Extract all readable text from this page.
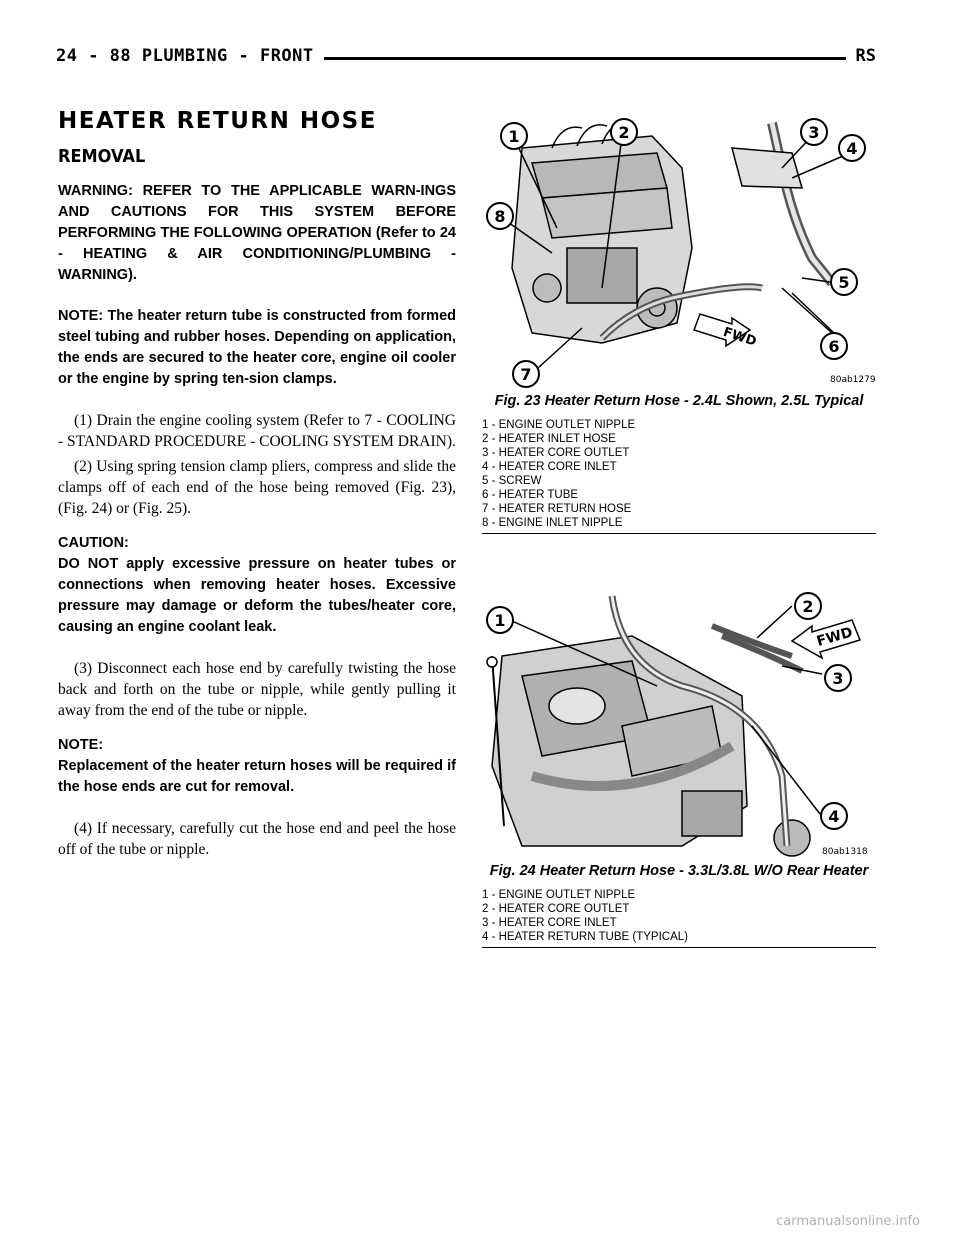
24 - 88 PLUMBING - FRONT	RS
HEATER RETURN HOSE
REMOVAL

WARNING: REFER TO THE APPLICABLE WARN-INGS AND CAUTIONS FOR THIS SYSTEM BEFORE PERFORMING THE FOLLOWING OPERATION (Refer to 24 - HEATING & AIR CONDITIONING/PLUMBING - WARNING).

NOTE: The heater return tube is constructed from formed steel tubing and rubber hoses. Depending on application, the ends are secured to the heater core, engine oil cooler or the engine by spring ten-sion clamps.

(1) Drain the engine cooling system (Refer to 7 - COOLING - STANDARD PROCEDURE - COOLING SYSTEM DRAIN).

(2) Using spring tension clamp pliers, compress and slide the clamps off of each end of the hose being removed (Fig. 23), (Fig. 24) or (Fig. 25).

CAUTION:

DO NOT apply excessive pressure on heater tubes or connections when removing heater hoses. Excessive pressure may damage or deform the tubes/heater core, causing an engine coolant leak.

(3) Disconnect each hose end by carefully twisting the hose back and forth on the tube or nipple, while gently pulling it away from the end of the tube or nipple.

NOTE:

Replacement of the heater return hoses will be required if the hose ends are cut for removal.

(4) If necessary, carefully cut the hose end and peel the hose off of the tube or nipple.

FWD
1	2	3
4
5
6
7
8
80ab1279
Fig. 23 Heater Return Hose - 2.4L Shown, 2.5L Typical
1 - ENGINE OUTLET NIPPLE
2 - HEATER INLET HOSE
3 - HEATER CORE OUTLET
4 - HEATER CORE INLET
5 - SCREW
6 - HEATER TUBE
7 - HEATER RETURN HOSE
8 - ENGINE INLET NIPPLE
FWD
1
2
3
4
80ab1318
Fig. 24 Heater Return Hose - 3.3L/3.8L W/O Rear Heater
1 - ENGINE OUTLET NIPPLE
2 - HEATER CORE OUTLET
3 - HEATER CORE INLET
4 - HEATER RETURN TUBE (TYPICAL)
carmanualsonline.info
